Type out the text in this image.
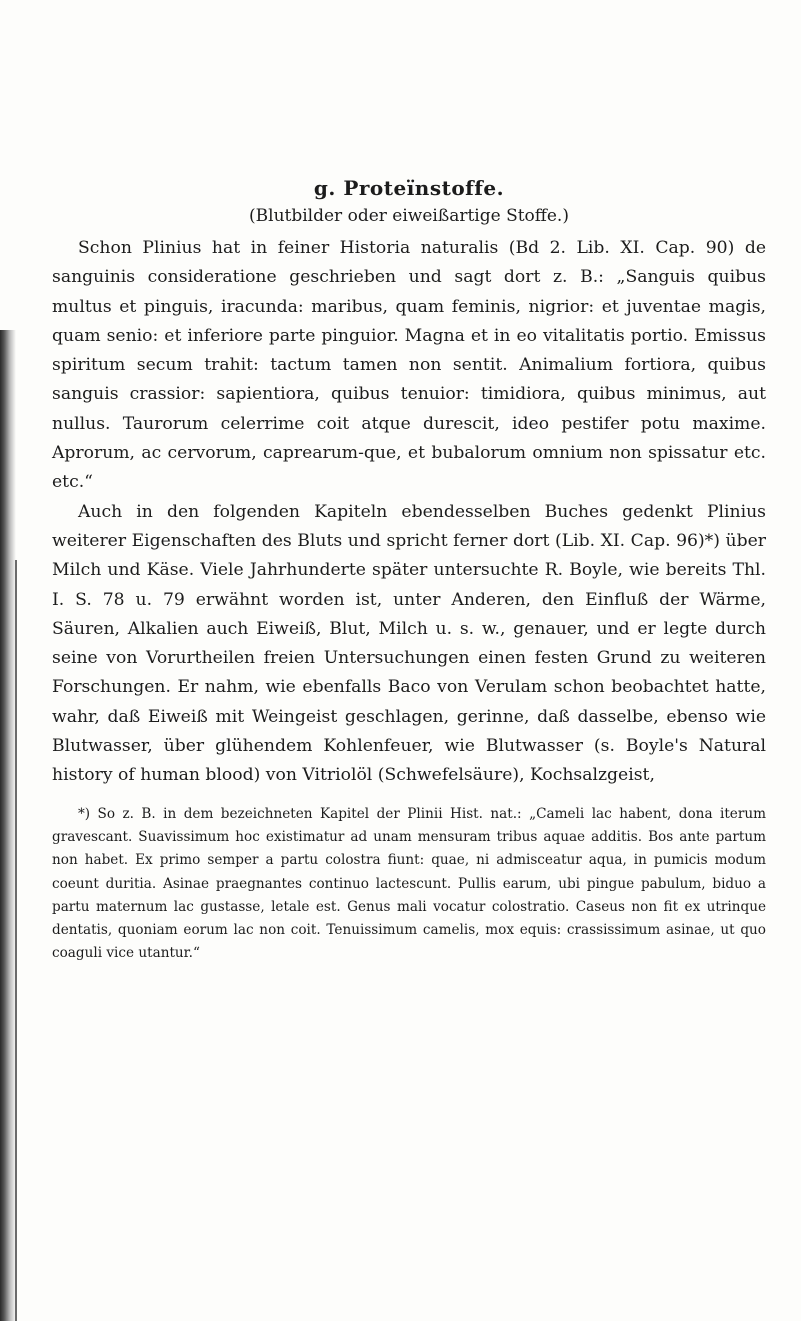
g. Proteïnstoffe.
(Blutbilder oder eiweißartige Stoffe.)

Schon Plinius hat in feiner Historia naturalis (Bd 2. Lib. XI. Cap. 90) de sanguinis consideratione geschrieben und sagt dort z. B.: „Sanguis quibus multus et pinguis, iracunda: maribus, quam feminis, nigrior: et juventae magis, quam senio: et inferiore parte pinguior. Magna et in eo vitalitatis portio. Emissus spiritum secum trahit: tactum tamen non sentit. Animalium fortiora, quibus sanguis crassior: sapientiora, quibus tenuior: timidiora, quibus minimus, aut nullus. Taurorum celerrime coit atque durescit, ideo pestifer potu maxime. Aprorum, ac cervorum, caprearum-que, et bubalorum omnium non spissatur etc. etc.“

Auch in den folgenden Kapiteln ebendesselben Buches gedenkt Plinius weiterer Eigenschaften des Bluts und spricht ferner dort (Lib. XI. Cap. 96)*) über Milch und Käse. Viele Jahrhunderte später untersuchte R. Boyle, wie bereits Thl. I. S. 78 u. 79 erwähnt worden ist, unter Anderen, den Einfluß der Wärme, Säuren, Alkalien auch Eiweiß, Blut, Milch u. s. w., genauer, und er legte durch seine von Vorurtheilen freien Untersuchungen einen festen Grund zu weiteren Forschungen. Er nahm, wie ebenfalls Baco von Verulam schon beobachtet hatte, wahr, daß Eiweiß mit Weingeist geschlagen, gerinne, daß dasselbe, ebenso wie Blutwasser, über glühendem Kohlenfeuer, wie Blutwasser (s. Boyle's Natural history of human blood) von Vitriolöl (Schwefelsäure), Kochsalzgeist,

*) So z. B. in dem bezeichneten Kapitel der Plinii Hist. nat.: „Cameli lac habent, dona iterum gravescant. Suavissimum hoc existimatur ad unam mensuram tribus aquae additis. Bos ante partum non habet. Ex primo semper a partu colostra fiunt: quae, ni admisceatur aqua, in pumicis modum coeunt duritia. Asinae praegnantes continuo lactescunt. Pullis earum, ubi pingue pabulum, biduo a partu maternum lac gustasse, letale est. Genus mali vocatur colostratio. Caseus non fit ex utrinque dentatis, quoniam eorum lac non coit. Tenuissimum camelis, mox equis: crassissimum asinae, ut quo coaguli vice utantur.“
